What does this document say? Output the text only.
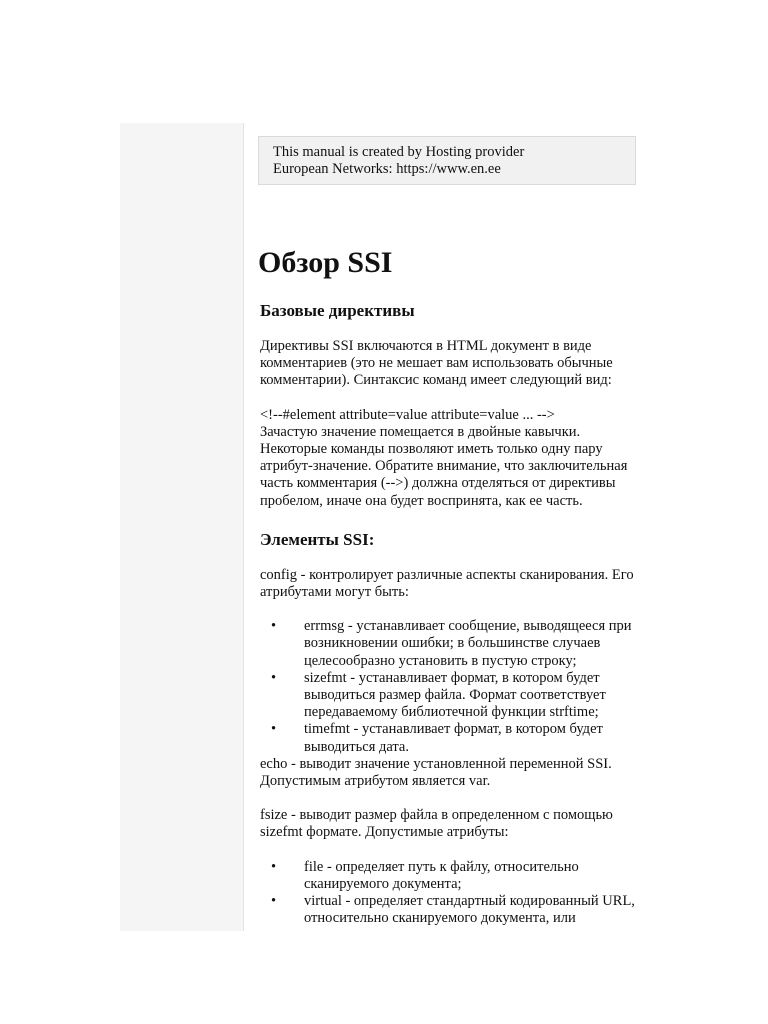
This manual is created by Hosting provider
European Networks: https://www.en.ee
Обзор SSI
Базовые директивы

Директивы SSI включаются в HTML документ в виде комментариев (это не мешает вам использовать обычные комментарии). Синтаксис команд имеет следующий вид:

<!--#element attribute=value attribute=value ... -->

Зачастую значение помещается в двойные кавычки. Некоторые команды позволяют иметь только одну пару атрибут-значение. Обратите внимание, что заключительная часть комментария (-->) должна отделяться от директивы пробелом, иначе она будет воспринята, как ее часть.

Элементы SSI:

config - контролирует различные аспекты сканирования. Его атрибутами могут быть:

• errmsg - устанавливает сообщение, выводящееся при возникновении ошибки; в большинстве случаев целесообразно установить в пустую строку;
• sizefmt - устанавливает формат, в котором будет выводиться размер файла. Формат соответствует передаваемому библиотечной функции strftime;
• timefmt - устанавливает формат, в котором будет выводиться дата.

echo - выводит значение установленной переменной SSI. Допустимым атрибутом является var.

fsize - выводит размер файла в определенном с помощью sizefmt формате. Допустимые атрибуты:

• file - определяет путь к файлу, относительно сканируемого документа;
• virtual - определяет стандартный кодированный URL, относительно сканируемого документа, или
